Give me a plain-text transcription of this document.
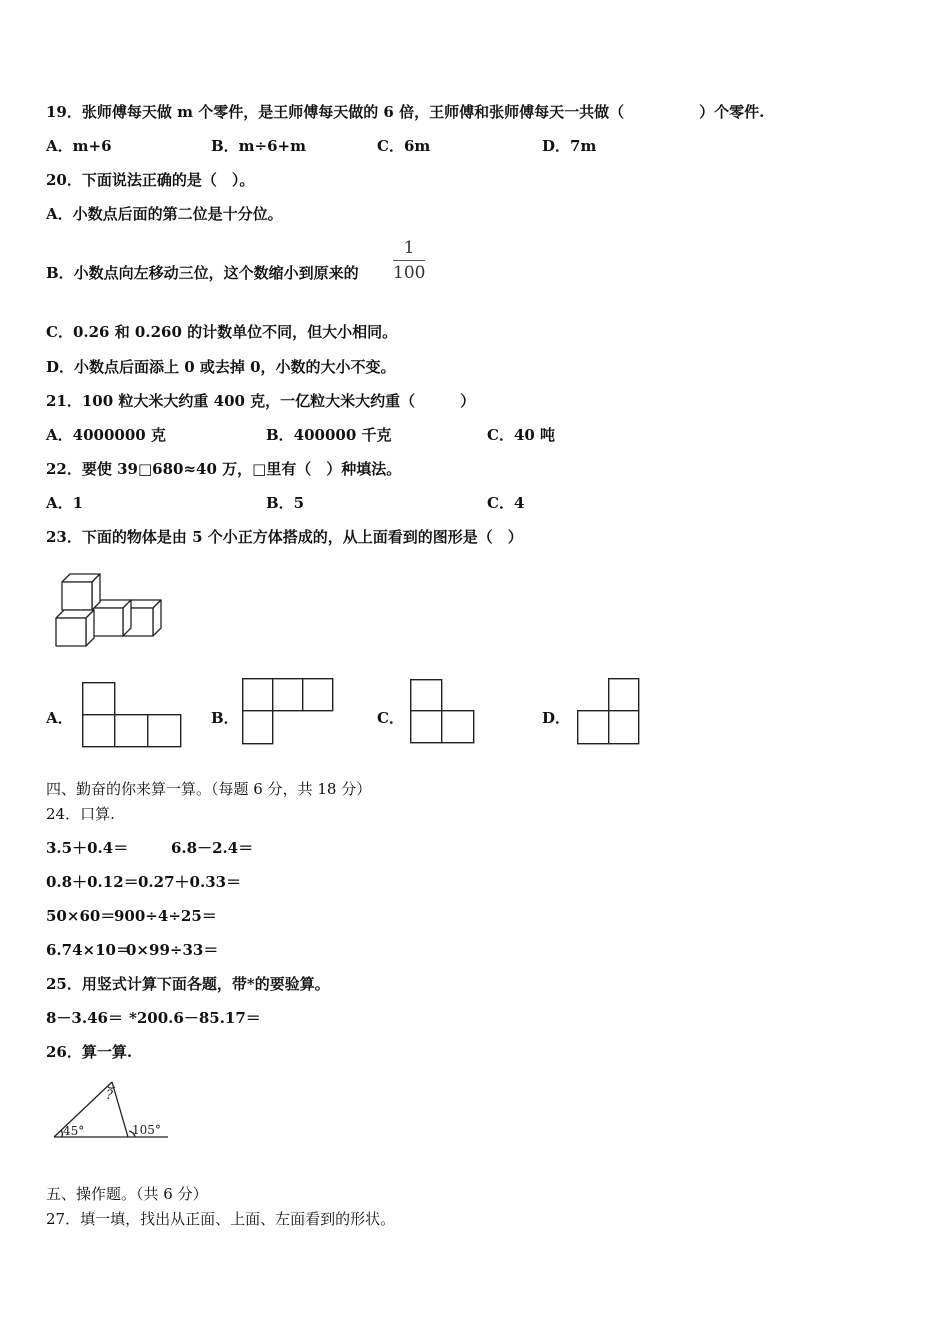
19．张师傅每天做 m 个零件，是王师傅每天做的 6 倍，王师傅和张师傅每天一共做（　　　　　）个零件.
A．m+6	B．m÷6+m	C．6m	D．7m
20．下面说法正确的是（　）。
A．小数点后面的第二位是十分位。
B．小数点向左移动三位，这个数缩小到原来的
1
100
C．0.26 和 0.260 的计数单位不同，但大小相同。
D．小数点后面添上 0 或去掉 0，小数的大小不变。
21．100 粒大米大约重 400 克，一亿粒大米大约重（　　　）
A．4000000 克	B．400000 千克	C．40 吨
22．要使 39□680≈40 万，□里有（　）种填法。
A．1	B．5	C．4
23．下面的物体是由 5 个小正方体搭成的，从上面看到的图形是（　）
A．	B．	C．	D．
四、勤奋的你来算一算。（每题 6 分，共 18 分）
24．口算.
3.5＋0.4＝	6.8－2.4＝
0.8＋0.12＝ 0.27＋0.33＝
50×60＝
900÷4÷25＝
6.74×10＝
0×99÷33＝
25．用竖式计算下面各题，带*的要验算。
8－3.46＝ *200.6－85.17＝
26．算一算.
?
45°	105°
五、操作题。（共 6 分）
27．填一填，找出从正面、上面、左面看到的形状。
